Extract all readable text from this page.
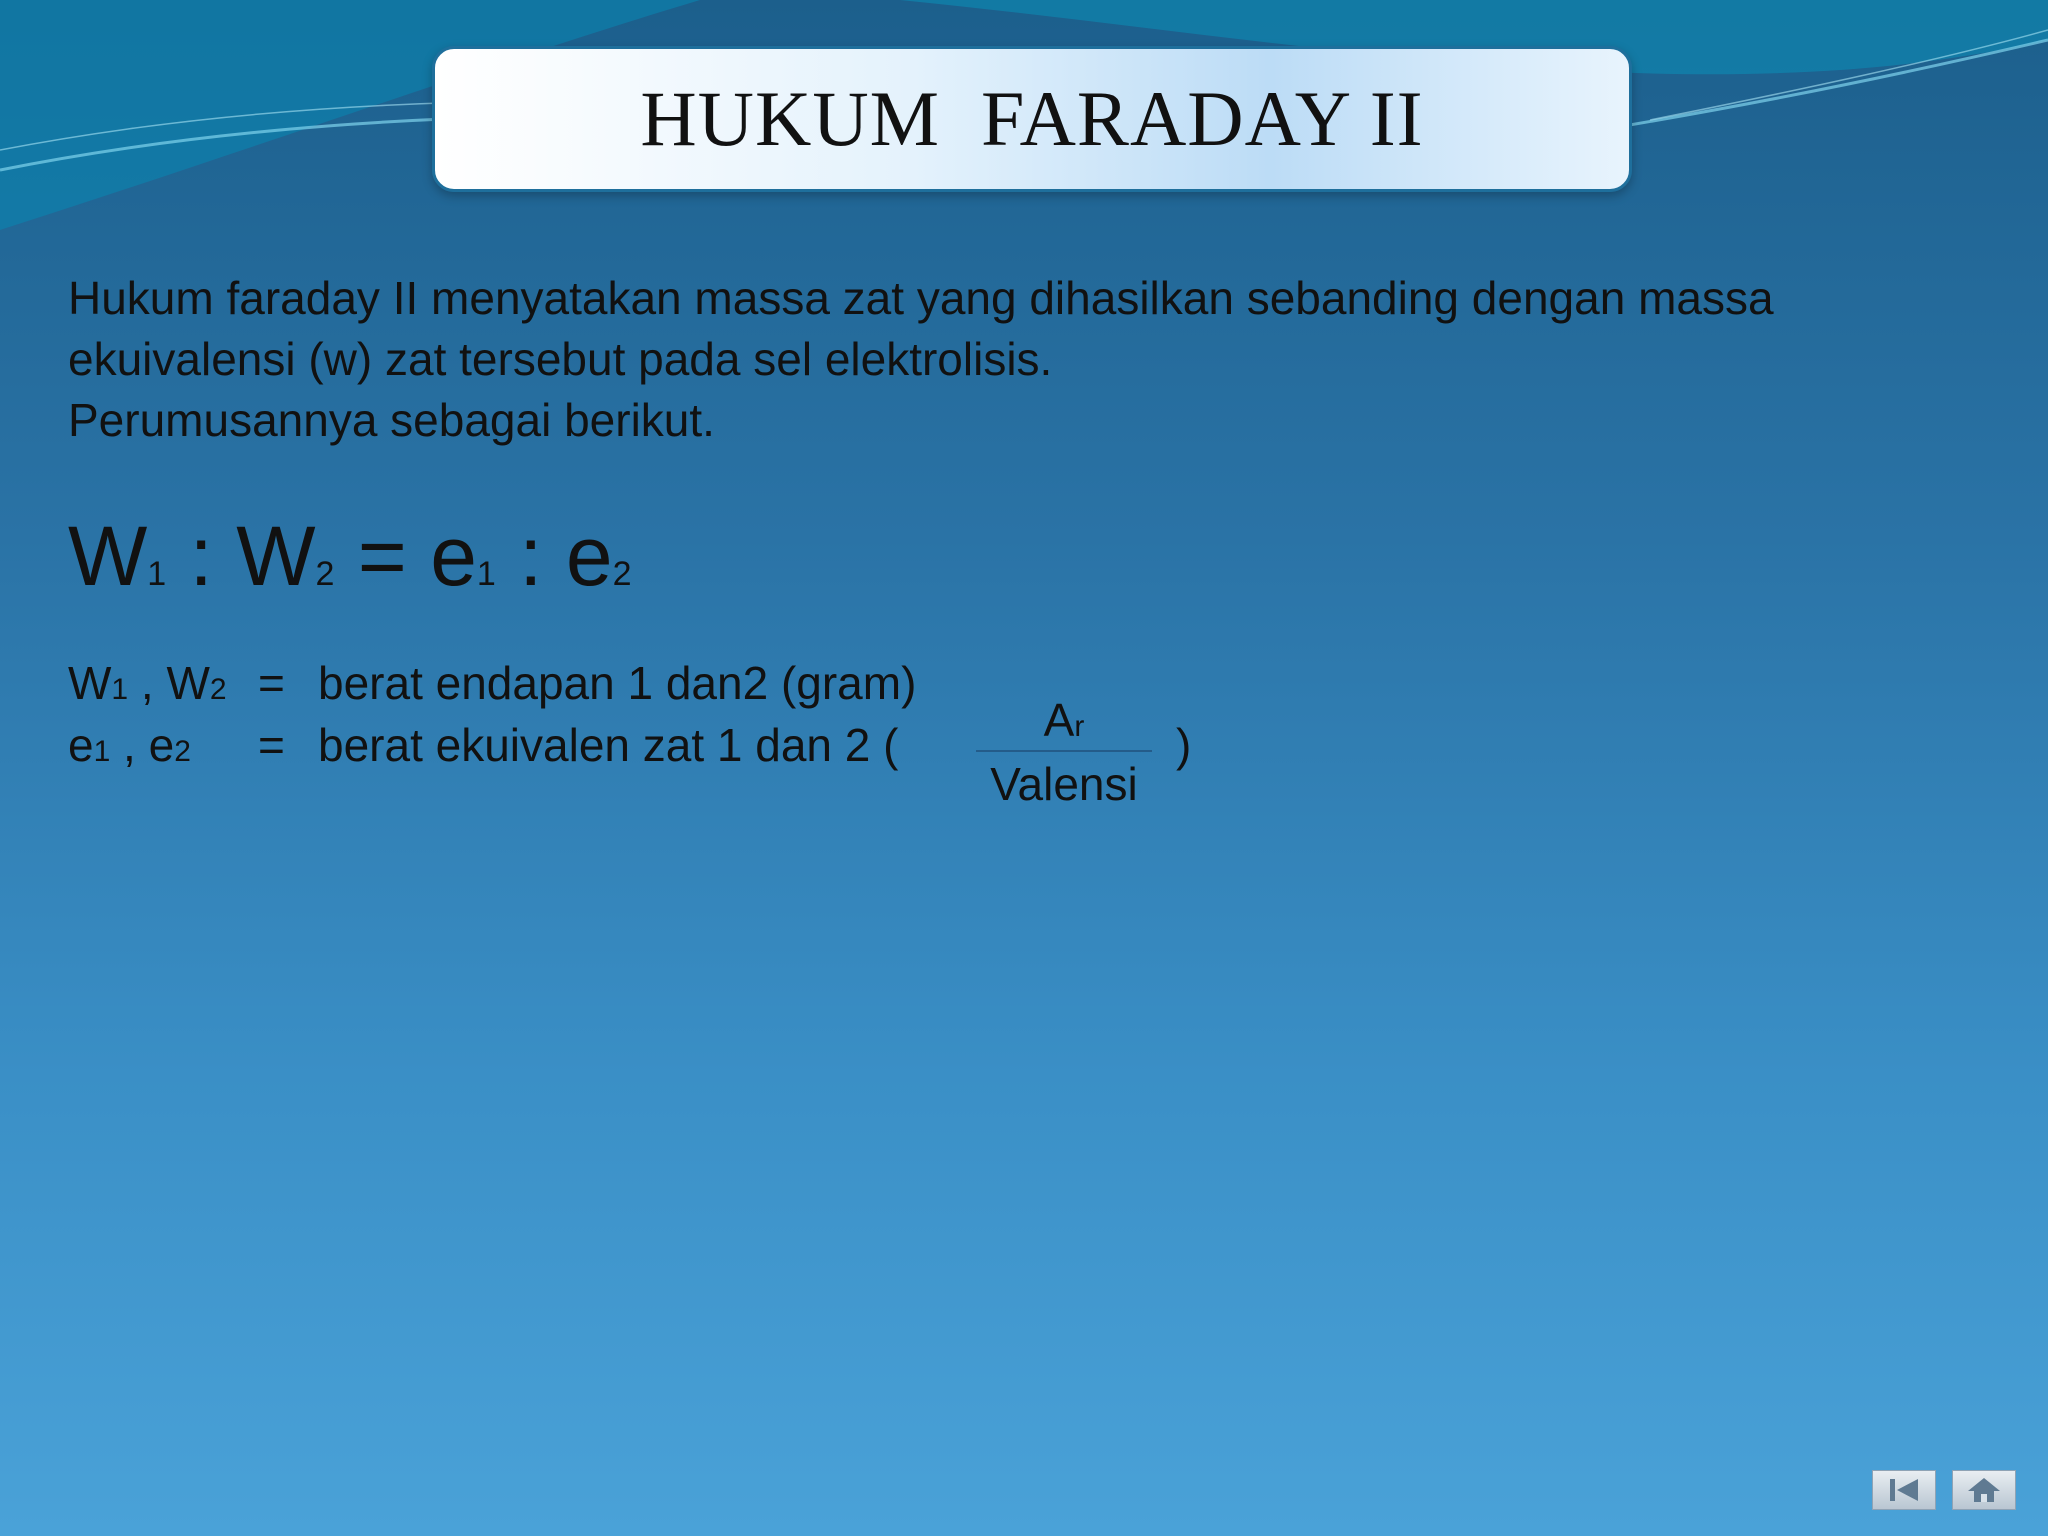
HUKUM  FARADAY II
Hukum faraday II menyatakan massa zat yang dihasilkan sebanding dengan massa
ekuivalensi (w) zat tersebut pada sel elektrolisis.
Perumusannya sebagai berikut.
W1 : W2 = e1 : e2
W1 , W2 = berat endapan 1 dan2 (gram)
e1 , e2 = berat ekuivalen zat 1 dan 2 (	Ar
Valensi
)
